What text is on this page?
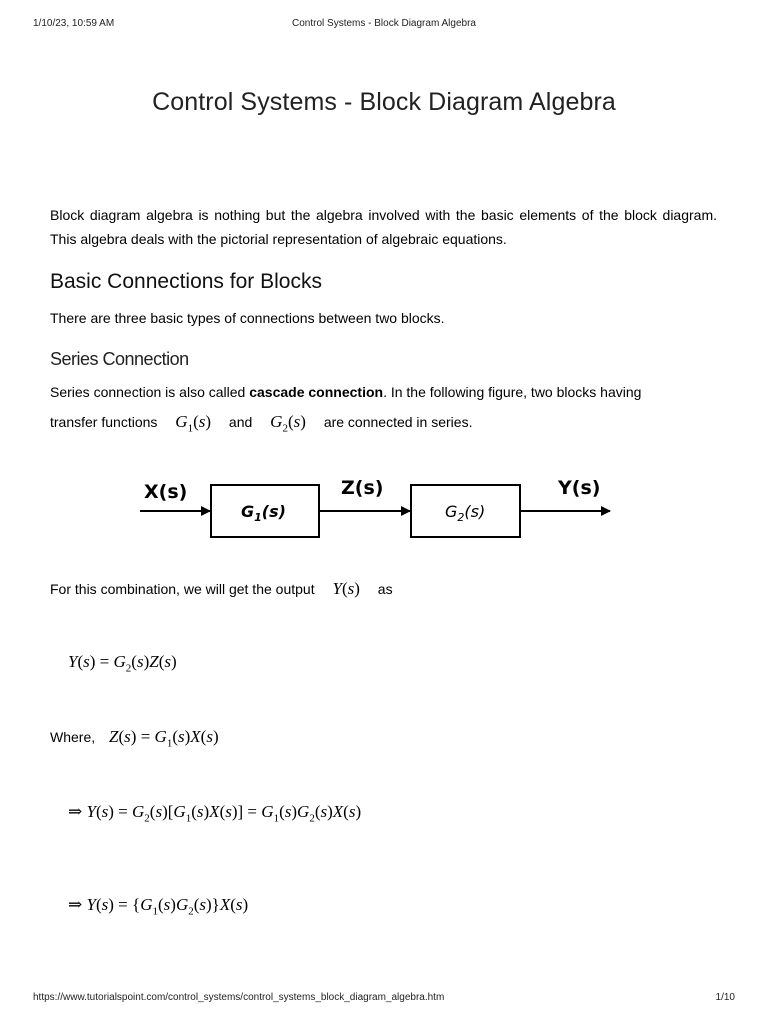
1/10/23, 10:59 AM	Control Systems - Block Diagram Algebra
Control Systems - Block Diagram Algebra

Block diagram algebra is nothing but the algebra involved with the basic elements of the block diagram. This algebra deals with the pictorial representation of algebraic equations.

Basic Connections for Blocks

There are three basic types of connections between two blocks.

Series Connection

Series connection is also called cascade connection. In the following figure, two blocks having

transfer functions $G_1(s)$ and $G_2(s)$ are connected in series.

X(s)	Z(s)	Y(s)
$G_1(s)$	$G_2(s)$

For this combination, we will get the output Y(s) as

$Y(s) = G_2(s)Z(s)$
Where, $Z(s) = G_1(s)X(s)$
⇒ $Y(s) = G_2(s)[G_1(s)X(s)] = G_1(s)G_2(s)X(s)$
⇒ $Y(s) = \{G_1(s)G_2(s)\}X(s)$
https://www.tutorialspoint.com/control_systems/control_systems_block_diagram_algebra.htm	1/10
